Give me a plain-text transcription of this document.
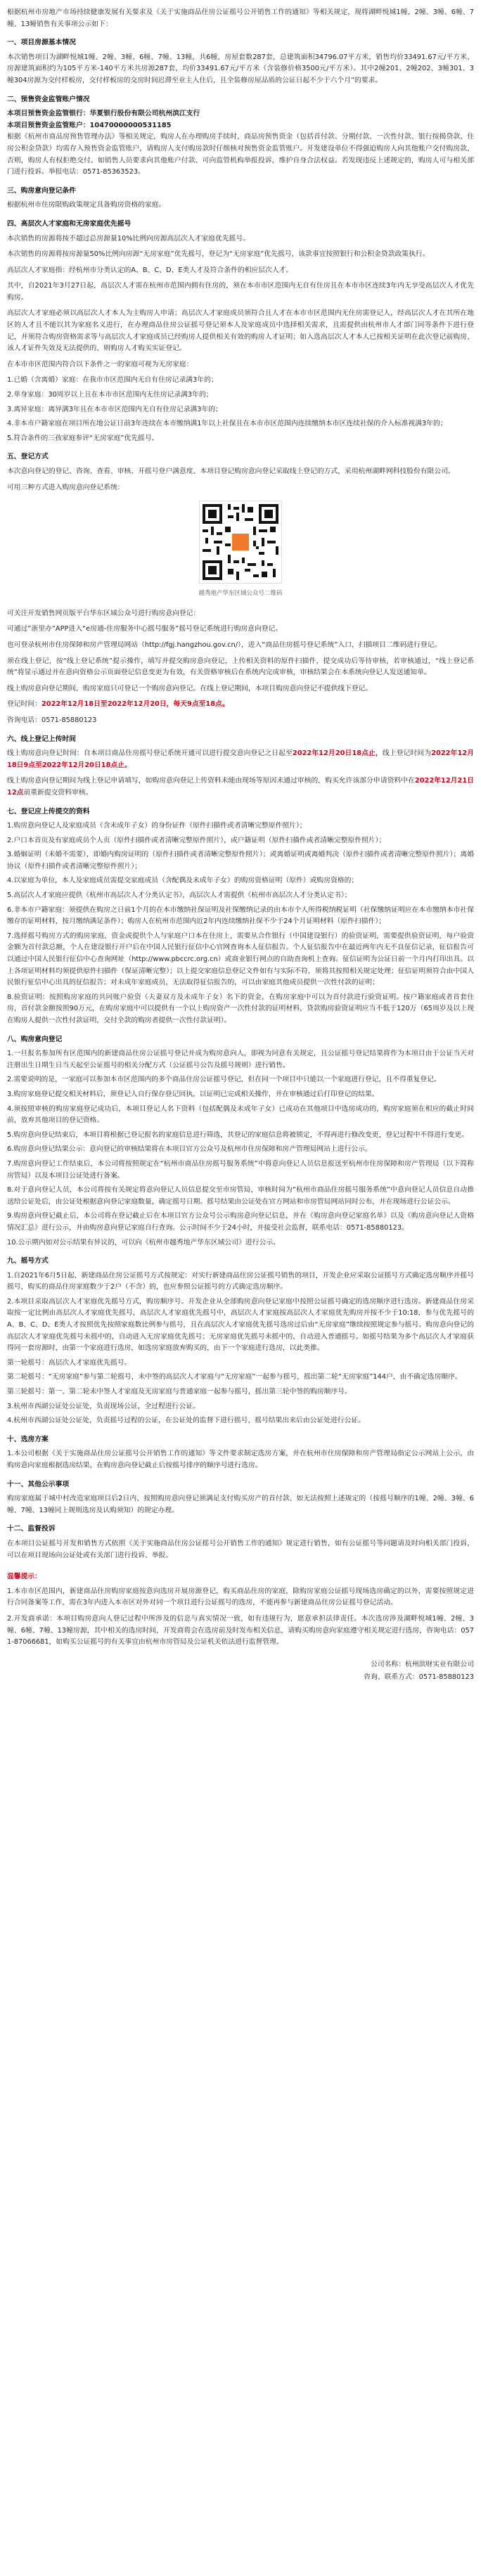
根据杭州市房地产市场持续健康发展有关要求及《关于实施商品住房公证摇号公开销售工作的通知》等相关规定，现将湖畔悦城1幢、2幢、3幢、6幢、7幢、13幢销售有关事项公示如下：

一、项目房源基本情况

本次销售项目为湖畔悦城1幢、2幢、3幢、6幢、7幢、13幢，共6幢，房屋套数287套，总建筑面积34796.07平方米，销售均价33491.67元/平方米，房源建筑面积约为105平方米-140平方米共房源287套，均价33491.67元/平方米（含装修价格3500元/平方米）。其中2幢201、2幢202、3幢301、3幢304房源为交付样板房，交付样板房的交房时间迟滞至业主入住后，且全装修房屋品质的公证日起不少于六个月”的要求。

二、预售资金监管账户情况

本项目预售资金监管银行：华夏银行股份有限公司杭州滨江支行

本项目预售资金监管账户：10470000000531185

根据《杭州市商品房预售管理办法》等相关规定，购房人在办理购房手续时，商品房预售资金（包括首付款、分期付款、一次性付款、银行按揭贷款、住房公积金贷款）均需存入预售资金监管账户，请购房人支付购房款时仔细核对预售资金监管账户。开发建设单位不得强迫购房人向其他账户交付购房款，否则，购房人有权拒绝交付。如销售人员要求向其他账户付款、可向监管机构举报投诉，维护自身合法权益。若发现违反上述规定的，购房人可与相关部门进行投诉。举报电话：0571-85363523。

三、购房意向登记条件

根据杭州市住房限购政策规定具备购房资格的家庭。

四、高层次人才家庭和无房家庭优先摇号

本次销售的房源将按不超过总房源量10%比例向房源高层次人才家庭优先摇号。

本次销售的房源将按房源量50%比例向房源“无房家庭”优先摇号，登记为“无房家庭”优先摇号，该款事宜按照银行和公积金贷款政策执行。

高层次人才家庭指：经杭州市分类认定的A、B、C、D、E类人才及符合条件的相应层次人才。

其中，自2021年3月27日起，高层次人才需在杭州市范围内拥有住房的，须在本市市区范围内无自有住房且在本市市区连续3年内无享受高层次人才优先购房。

高层次人才家庭必须以高层次人才本人为主购房人申请；高层次人才家庭成员须符合且人才在本市市区范围内无住房需登记人，经高层次人才在其所在地区的人才且不能以其为家庭名义进行，在办理商品住房公证摇号登记须本人及家庭成员中选择相关需求，且需提供由杭州市人才部门同等条件下进行登记，并须符合购房资格需求等与高层次人才家庭成员已经购房人提供相关有效的购房人才证明；如入选高层次人才本人已按相关证明在此次登记前购房，该人才证件失效及无法提供的，则购房人才购买实证登记。

在本市市区范围内符合以下条件之一的家庭可视为无房家庭：

1.已婚（含离婚）家庭：在我市市区范围内无自有住房记录满3年的；

2.单身家庭：30周岁以上且在本市市区范围内无住房记录满3年的；

3.离异家庭：离异满3年且在本市市区范围内无自有住房记录满3年的；

4.非本市户籍家庭在项目所在地公证日前3年连续在本市缴纳满1年以上社保且在本市市区范围内连续缴纳本市区连续社保的介入标准视满3年的；

5.符合条件的三孩家庭参评“无房家庭”优先摇号。

五、登记方式

本次意向登记的登记、咨询、查看、审核、开摇号登户满意度、本项目登记购房意向登记采取线上登记的方式，采用杭州湖畔网科技股份有限公司。

可用三种方式进入购房意向登记系统：

越秀地产华东区域公众号二维码

可关注开发销售网页版平台华东区域公众号进行购房意向登记：

可通过“浙里办”APP进入“e房通-住房服务中心摇号服务”摇号登记系统进行购房意向登记。

也可登录杭州市住房保障和房产管理局网站（http://fgj.hangzhou.gov.cn/），进入“商品住房摇号登记系统”入口，扫描项目二维码进行登记。

须在线上登记，按“线上登记系统”提示操作，填写并提交购房意向登记，上传相关资料的原件扫描件，提交成功后等待审核，若审核通过，“线上登记系统”将显示通过并在意向资格公示页面登记信息变更为有效，有关资格审核后在系统内完成审核，审核结果会在本系统向登记人发送通知单。

线上购房意向登记期间，购房家庭只可登记一个购房意向登记。在线上登记期间，本项目购房意向登记不提供线下登记。

登记时间：2022年12月18日至2022年12月20日，每天9点至18点。

咨询电话：0571-85880123

六、线上登记上传时间

线上购房意向登记时间：自本项目商品住房摇号登记系统开通可以进行提交意向登记之日起至2022年12月20日18点止，线上登记时间为2022年12月18日9点至2022年12月20日18点止。

线上购房意向登记期间为线上登记申请填写，如购房意向登记上传资料未能由现场等原因未通过审核的，购买允许该部分申请资料中在2022年12月21日12点前重新提交资料审核。

七、登记应上传提交的资料

1.购房意向登记人及家庭成员（含未成年子女）的身份证件（原件扫描件或者清晰完整原件照片）；

2.户口本首页及有家庭成员个人页（原件扫描件或者清晰完整原件照片），或户籍证明（原件扫描件或者清晰完整原件照片）；

3.婚姻证明（未婚不需要），即婚内购房证明的（原件扫描件或者清晰完整原件照片）；或离婚证明或离婚判决（原件扫描件或者清晰完整原件照片）；离婚协议（原件扫描件或者清晰完整原件照片）；

4.以家庭为单位，本人及家庭成员需提交家庭成员（含配偶及未成年子女）的购房资格证明（原件）或购房资格的；

5.高层次人才家庭应提供《杭州市高层次人才分类认定书》，高层次人才需提供《杭州市高层次人才分类认定书》；

6.非本市户籍家庭：须提供在购房之日前1个月的在本市缴纳社保证明及社保缴纳记录的由本市个人所得税纳税证明（社保缴纳证明应在本市缴纳本市社保缴存的证明材料，按月缴纳满足条件）；购房人在杭州市范围内近2年内连续缴纳社保不少于24个月证明材料（原件扫描件）；

7.选择摇号购房方式的购房家庭，资金或提供个人与家庭户口本在住房上，需要从合作银行（中国建设银行）的验资证明，需要提供验资证明，每户验资金额为首付款总额，个人在建设银行开户后在中国人民银行征信中心官网查询本人征信报告。个人征信报告中在最近两年内无不良征信记录，征信报告可以通过中国人民银行征信中心查询网址（http://www.pbccrc.org.cn）或商业银行网点的自助查询机上查询。征信证明为公证日前一个月内打印出具。以上各项证明材料均须提供原件扫描件（保证清晰完整）；以上提交家庭信息登记文件如有与实际不符，须将其按照相关规定处理；征信证明须符合由中国人民银行征信中心出具的征信报告；对未成年家庭成员，无法取得征信报告的，可以由家庭其他成员提供一次性付款的证明；

8.验资证明：按照购房家庭的共同账户验资（夫妻双方及未成年子女）名下的资金，在购房家庭中可以为首付款进行验资证明。按户籍家庭或者首套住房，首付款金额按照90万元，在购房家庭中可以提供有一个以上购房资产一次性付款的证明材料，贷款购房验资证明应当不低于120万（65周岁及以上现在购房人提供一次性付款证明，交付全款的购房者提供一次性付款证明）。

八、购房意向登记

1.一旦报名参加所有区范围内的新建商品住房公证摇号登记并成为购房意向人，即视为同意有关规定，且公证摇号登记结果将作为本项目由于公证当天对注册出生日期生日当天起至公证摇号的相关分配方式（公证摇号公告及摇号规则）进行销售。

2.需要说明的是，一家庭可以参加本市区范围内的多个商品住房公证摇号登记，但在同一个项目中只能以一个家庭进行登记，且不得重复登记。

3.购房家庭登记提交相关材料后，须登记人自行保存登记回执，以证明已完成相关操作，并在审核通过后打印登记的结果。

4.须按照审核的购房家庭登记成功后，本项目登记人名下资料（包括配偶及未成年子女）已成功在其他项目中选房成功的，购房家庭须在相应的截止时间前，放弃其他项目的登记资格。

5.购房意向登记结束后，本项目将根据已登记报名的家庭信息进行筛选，其登记的家庭信息将被锁定，不得再进行修改变更，登记过程中不得进行变更。

6.购房意向登记结果公示：意向登记的审核结果将在本项目官方公众号及杭州市住房保障和房产管理局网站上进行公示。

7.购房意向登记工作结束后，本公司将按照规定在“杭州市商品住房摇号服务系统”中将意向登记人员信息报送至杭州市住房保障和房产管理局（以下简称房管局）以及本项目公证处进行备案。

8.对于意向登记人员，本公司将按有关规定将意向登记人员信息提交至市房管局，审核时间为“杭州市商品住房摇号服务系统”中意向登记人员信息自动推送给公证处后，由公证处根据意向登记家庭数量，确定摇号日期。摇号结果由公证处在官方网站和市房管局网站同时公布，并在现场进行公证公示。

9.购房意向登记截止后，本公司将在登记截止后在本项目官方公众号公示购房意向登记信息，并在《购房意向登记家庭名单》以及《购房意向登记人资格情况汇总》进行公示，并由购房意向登记家庭自行查询。公示时间不少于24小时，并接受社会监督，联系电话：0571-85880123。

10.公示期内如对公示结果有异议的，可以向《杭州市越秀地产华东区域公司》进行公示。

九、摇号方式

1.自2021年6月5日起，新建商品住房公证摇号方式按规定：对实行新建商品住房公证摇号销售的项目，开发企业应采取公证摇号方式确定选房顺序并摇号摇号，购买的商品住房家庭数少于2户（不含）的，也应参照公证摇号的方式确定选房顺序。

2.本项目采取高层次人才家庭优先摇号方式，购房顺序号。开发企业从全部购房意向登记家庭中按照公证摇号确定的选房顺序进行选房。新建商品住房采取按一定比例由高层次人才家庭优先摇号，高层次人才家庭优先摇号中，高层次人才家庭按高层次人才家庭优先购房并按不少于10:18，参与优先摇号的A、B、C、D、E类人才按照优先按照家庭数比例参与摇号，且在高层次人才家庭优先摇号选房过后由“无房家庭”继续按照规定参与摇号。购房意向登记的高层次人才家庭优先摇号未摇中的，自动进入无房家庭优先摇号；无房家庭优先摇号未摇中的，自动进入普通摇号。如摇号结果为多个高层次人才家庭获得同一套房源时，由第一个家庭进行选房，如选房家庭放弃购买的，由下一个家庭进行选房，以此类推。

第一轮摇号：高层次人才家庭优先摇号。

第二轮摇号：“无房家庭”参与第二轮摇号，未中签的高层次人才家庭与“无房家庭”一起参与摇号，摇出第二轮“无房家庭”144户，由不确定选房顺序。

第三轮摇号：第一、第二轮未中签人才家庭及无房家庭与普通家庭一起参与摇号，摇出第三轮中签的购房顺序号。

3.杭州市西湖公证处公证处，负责现场公证，全过程进行公证。

4.杭州市西湖公证处公证处，负责摇号过程的公证，在公证处的监督下进行摇号，摇号结果出来后由公证处进行公证。

十、选房方案

1.本公司根据《关于实施商品住房公证摇号公开销售工作的通知》等文件要求制定选房方案，并在杭州市住房保障和房产管理局指定公示网站上公示，由购房意向家庭根据选房结果，在购房意向登记截止后按摇号排序的顺序号进行选房。

十一、其他公示事项

购房家庭属于城中村改造家庭项目后2日内、按照购房意向登记须满足支付购买房产的首付款、如无法按照上述规定的（按摇号顺序的1幢、2幢、3幢、6幢、7幢、13幢同上规则选房及认购须知）的规定办理。

十二、监督投诉

在本项目公证摇号开发和销售方式依照《关于实施商品住房公证摇号公开销售工作的通知》规定进行销售，如有公证摇号等问题请及时向相关部门投诉，可以在项目现场向公证处或有关部门进行投诉、举报。

温馨提示：

1.本市市区范围内，新建商品住房购房家庭按意向选房开展房源登记，购买商品住房的家庭，除购房家庭公证摇号现场选房确定的以外，需要按照规定进行合同备案等工作，需在3年内进入本市区对外对同一个项目进行公证摇号的选房，不能再参与新建商品住房公证摇号登记活动。

2.开发商承诺：本项目购房意向人登记过程中所涉及的信息与真实情况一致，如有违规行为，愿意承担法律责任。本次选房涉及湖畔悦城1幢、2幢、3幢、6幢、7幢、13幢房源，其中相关的选房时间，开发商将会在选房前及时发布相关信息，请购买购房意向家庭遵守相关规定进行选房，咨询电话：0571-87066681，如购买公证摇号的有关事宜由杭州市房管局及公证机关依法进行监督管理。

公司名称：杭州滨财实业有限公司
咨询、联系方式：0571-85880123
